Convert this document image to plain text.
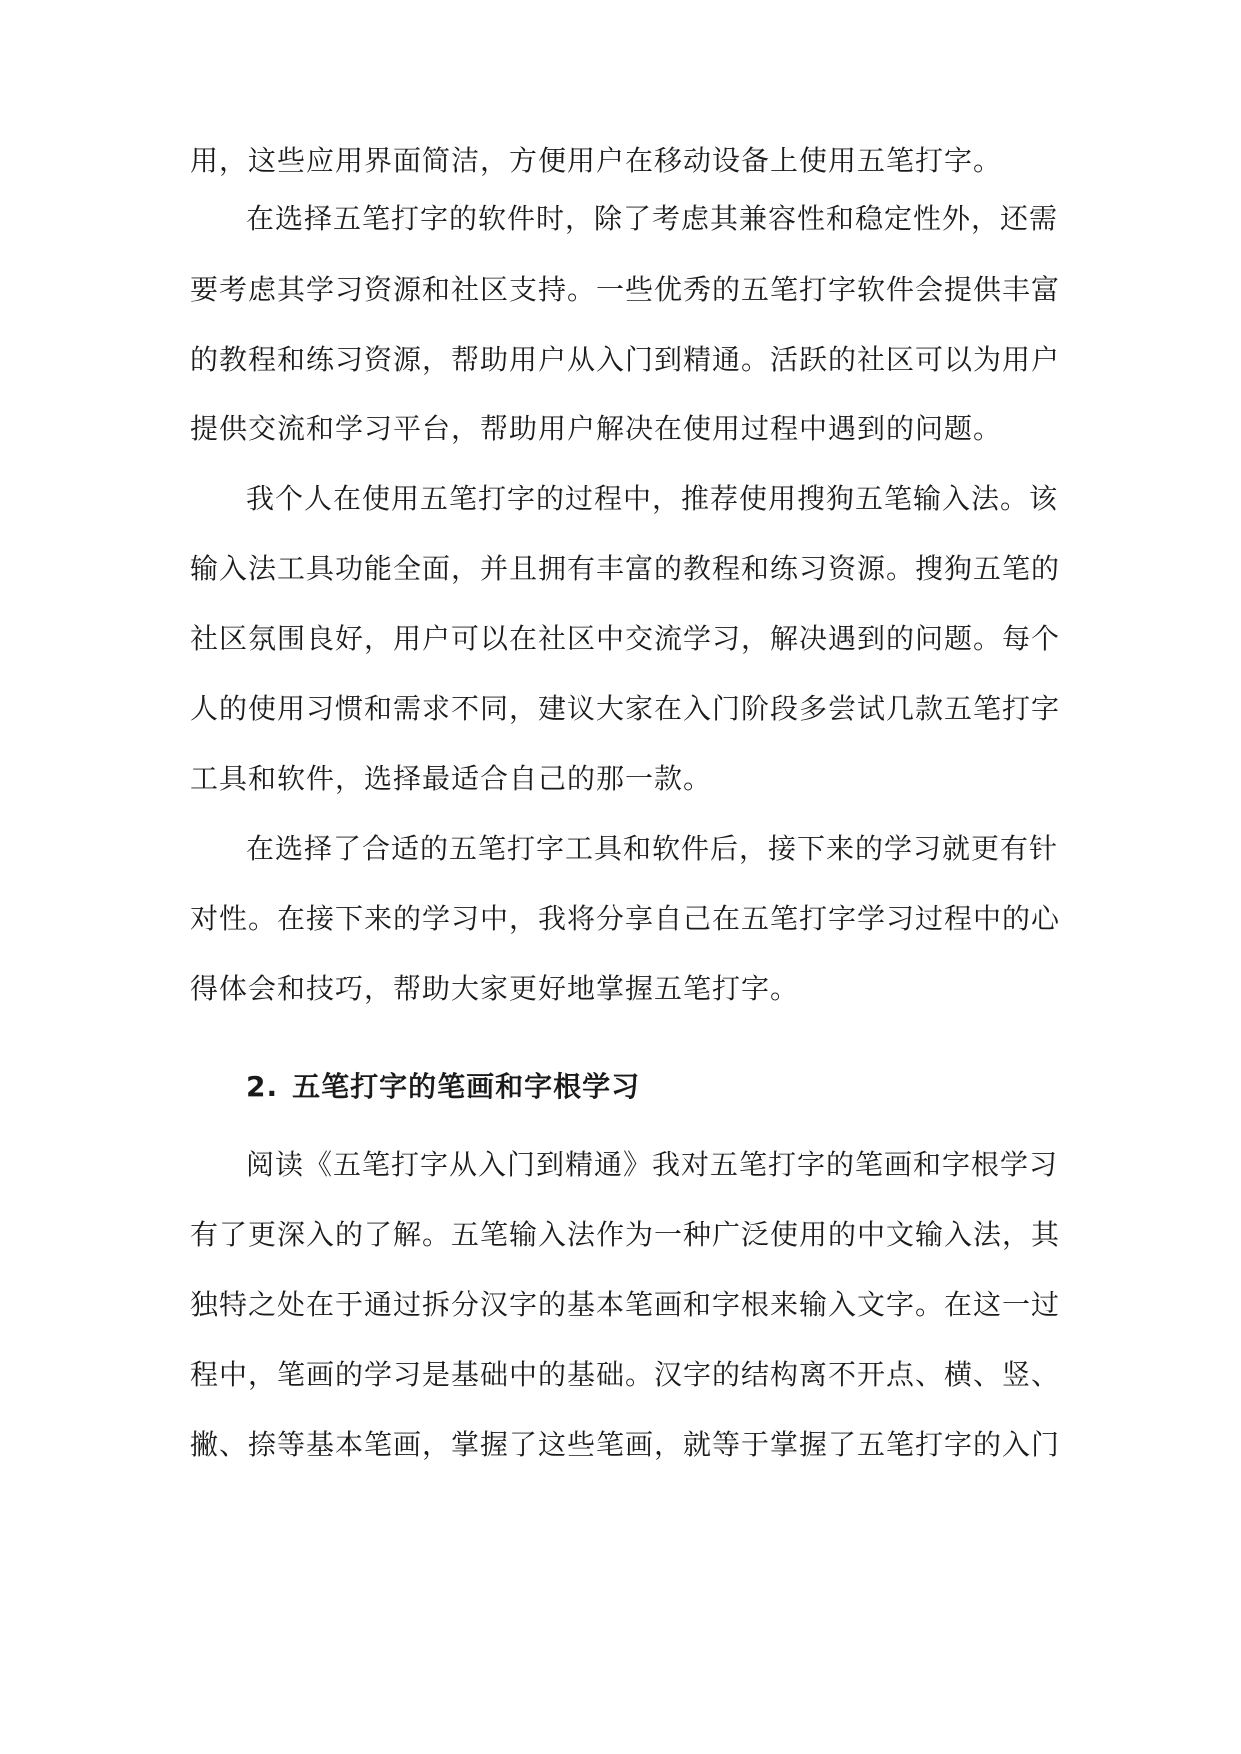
用，这些应用界面简洁，方便用户在移动设备上使用五笔打字。

在选择五笔打字的软件时，除了考虑其兼容性和稳定性外，还需

要考虑其学习资源和社区支持。一些优秀的五笔打字软件会提供丰富

的教程和练习资源，帮助用户从入门到精通。活跃的社区可以为用户

提供交流和学习平台，帮助用户解决在使用过程中遇到的问题。

我个人在使用五笔打字的过程中，推荐使用搜狗五笔输入法。该

输入法工具功能全面，并且拥有丰富的教程和练习资源。搜狗五笔的

社区氛围良好，用户可以在社区中交流学习，解决遇到的问题。每个

人的使用习惯和需求不同，建议大家在入门阶段多尝试几款五笔打字

工具和软件，选择最适合自己的那一款。

在选择了合适的五笔打字工具和软件后，接下来的学习就更有针

对性。在接下来的学习中，我将分享自己在五笔打字学习过程中的心

得体会和技巧，帮助大家更好地掌握五笔打字。

2. 五笔打字的笔画和字根学习

阅读《五笔打字从入门到精通》我对五笔打字的笔画和字根学习

有了更深入的了解。五笔输入法作为一种广泛使用的中文输入法，其

独特之处在于通过拆分汉字的基本笔画和字根来输入文字。在这一过

程中，笔画的学习是基础中的基础。汉字的结构离不开点、横、竖、

撇、捺等基本笔画，掌握了这些笔画，就等于掌握了五笔打字的入门
